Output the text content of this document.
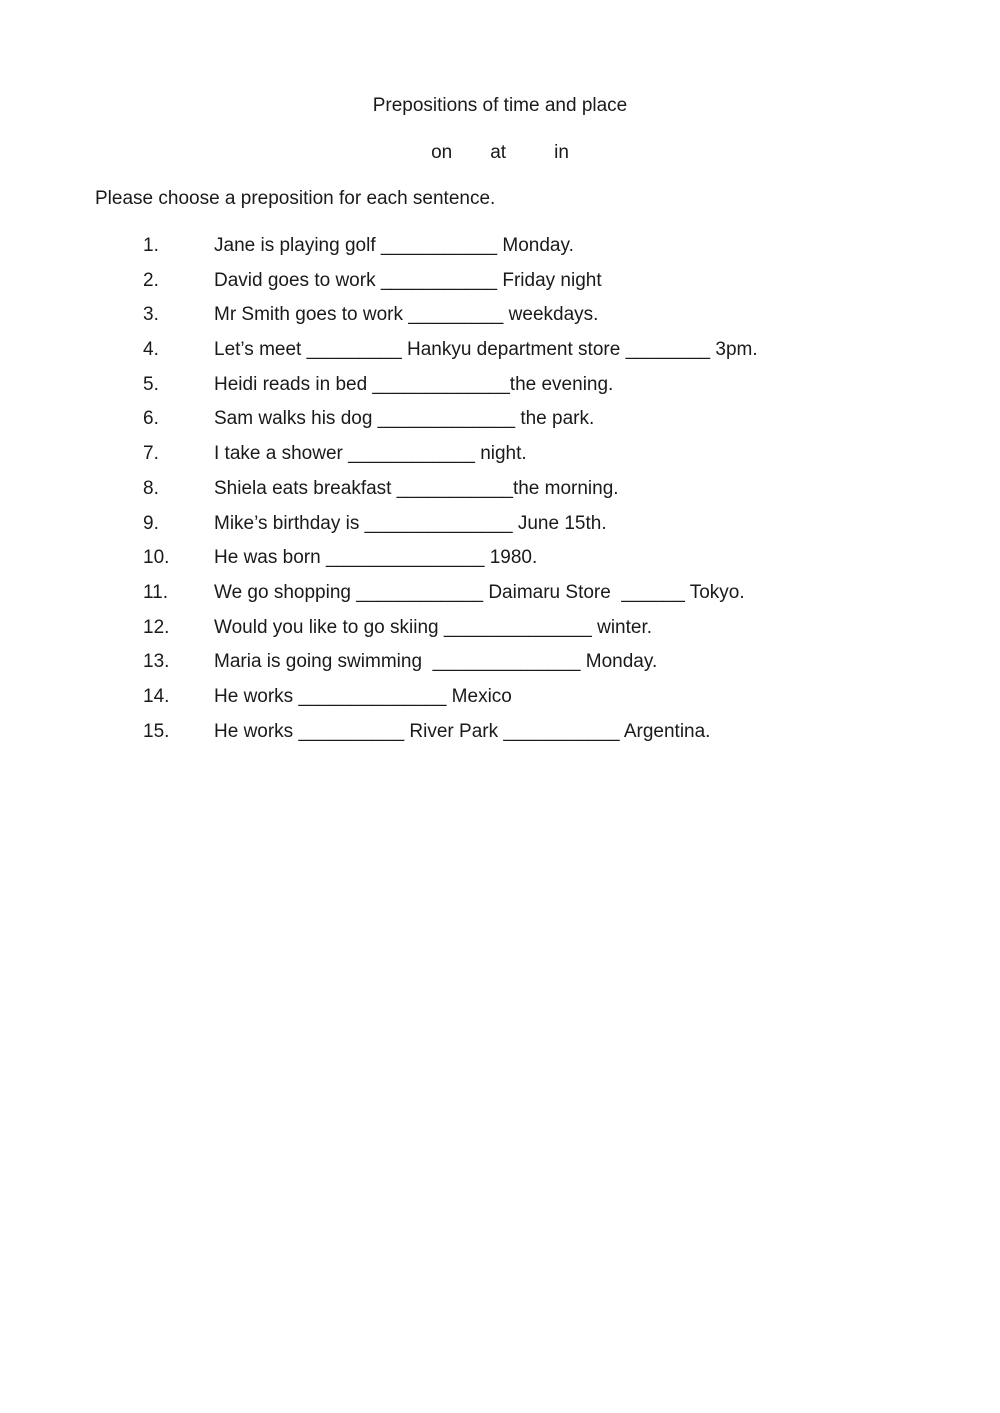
Prepositions of time and place
on at	in
Please choose a preposition for each sentence.
1.	Jane is playing golf ___________ Monday.
2.	David goes to work ___________ Friday night
3.	Mr Smith goes to work _________ weekdays.
4.	Let’s meet _________ Hankyu department store ________ 3pm.
5.	Heidi reads in bed _____________the evening.
6.	Sam walks his dog _____________ the park.
7.	I take a shower ____________ night.
8.	Shiela eats breakfast ___________the morning.
9.	Mike’s birthday is ______________ June 15th.
10. He was born _______________ 1980.
11. We go shopping ____________ Daimaru Store  ______ Tokyo.
12. Would you like to go skiing ______________ winter.
13. Maria is going swimming  ______________ Monday.
14. He works ______________ Mexico
15. He works __________ River Park ___________ Argentina.
